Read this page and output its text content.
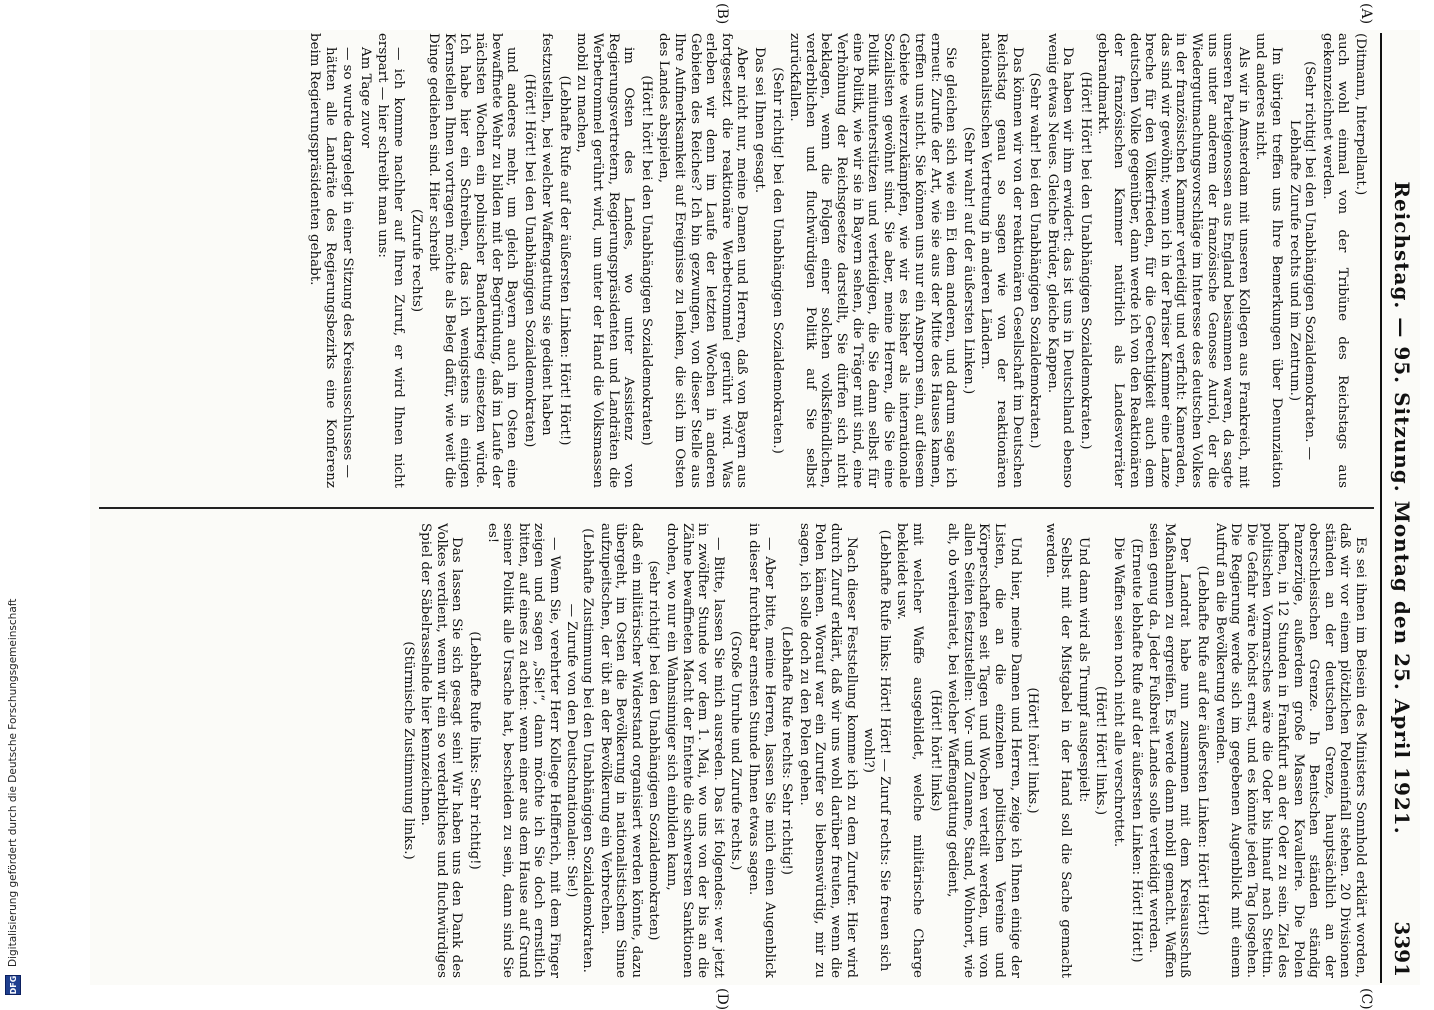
Reichstag. — 95. Sitzung. Montag den 25. April 1921.
3391
(A)
(B)
(C)
(D)

(Ditmann, Interpellant.)

auch wohl einmal von der Tribüne des Reichstags aus gekennzeichnet werden.

(Sehr richtig! bei den Unabhängigen Sozialdemokraten. — Lebhafte Zurufe rechts und im Zentrum.)

Im übrigen treffen uns Ihre Bemerkungen über Denunziation und anderes nicht.

Als wir in Amsterdam mit unseren Kollegen aus Frankreich, mit unseren Parteigenossen aus England beisammen waren, da sagte uns unter anderem der französische Genosse Auriol, der die Wiedergutmachungsvorschläge im Interesse des deutschen Volkes in der französischen Kammer verteidigt und verficht: Kameraden, das sind wir gewöhnt; wenn ich in der Pariser Kammer eine Lanze breche für den Völkerfrieden, für die Gerechtigkeit auch dem deutschen Volke gegenüber, dann werde ich von den Reaktionären der französischen Kammer natürlich als Landesverräter gebrandmarkt.

(Hört! Hört! bei den Unabhängigen Sozialdemokraten.)

Da haben wir ihm erwidert: das ist uns in Deutschland ebenso wenig etwas Neues. Gleiche Brüder, gleiche Kappen.

(Sehr wahr! bei den Unabhängigen Sozialdemokraten.)

Das können wir von der reaktionären Gesellschaft im Deutschen Reichstag genau so sagen wie von der reaktionären nationalistischen Vertretung in anderen Ländern.

(Sehr wahr! auf der äußersten Linken.)

Sie gleichen sich wie ein Ei dem anderen, und darum sage ich erneut: Zurufe der Art, wie sie aus der Mitte des Hauses kamen, treffen uns nicht. Sie können uns nur ein Ansporn sein, auf diesem Gebiete weiterzukämpfen, wie wir es bisher als internationale Sozialisten gewöhnt sind. Sie aber, meine Herren, die Sie eine Politik mitunterstützen und verteidigen, die Sie dann selbst für eine Politik, wie wir sie in Bayern sehen, die Träger mit sind, eine Verhöhnung der Reichsgesetze darstellt, Sie dürfen sich nicht beklagen, wenn die Folgen einer solchen volksfeindlichen, verderblichen und fluchwürdigen Politik auf Sie selbst zurückfallen.

(Sehr richtig! bei den Unabhängigen Sozialdemokraten.)

Das sei Ihnen gesagt.

Aber nicht nur, meine Damen und Herren, daß von Bayern aus fortgesetzt die reaktionäre Werbetrommel gerührt wird. Was erleben wir denn im Laufe der letzten Wochen in anderen Gebieten des Reiches? Ich bin gezwungen, von dieser Stelle aus Ihre Aufmerksamkeit auf Ereignisse zu lenken, die sich im Osten des Landes abspielen,

(Hört! hört! bei den Unabhängigen Sozialdemokraten)

im Osten des Landes, wo unter Assistenz von Regierungsvertretern, Regierungspräsidenten und Landräten die Werbetrommel gerührt wird, um unter der Hand die Volksmassen mobil zu machen,

(Lebhafte Rufe auf der äußersten Linken: Hört! Hört!)

festzustellen, bei welcher Waffengattung sie gedient haben

(Hört! Hört! bei den Unabhängigen Sozialdemokraten)

und anderes mehr, um gleich Bayern auch im Osten eine bewaffnete Wehr zu bilden mit der Begründung, daß im Laufe der nächsten Wochen ein polnischer Bandenkrieg einsetzen würde. Ich habe hier ein Schreiben, das ich wenigstens in einigen Kernstellen Ihnen vortragen möchte als Beleg dafür, wie weit die Dinge gediehen sind. Hier schreibt

(Zurufe rechts)

— ich komme nachher auf Ihren Zuruf, er wird Ihnen nicht erspart — hier schreibt man uns:

Am Tage zuvor

— so wurde dargelegt in einer Sitzung des Kreisausschusses —

hätten alle Landräte des Regierungsbezirks eine Konferenz beim Regierungspräsidenten gehabt.

Es sei ihnen im Beisein des Ministers Sonnhold erklärt worden, daß wir vor einem plötzlichen Poleneinfall stehen. 20 Divisionen ständen an der deutschen Grenze, hauptsächlich an der oberschlesischen Grenze. In Bentschen ständen ständig Panzerzüge, außerdem große Massen Kavallerie. Die Polen hofften, in 12 Stunden in Frankfurt an der Oder zu sein. Ziel des politischen Vormarsches wäre die Oder bis hinauf nach Stettin. Die Gefahr wäre höchst ernst, und es könnte jeden Tag losgehen. Die Regierung werde sich im gegebenen Augenblick mit einem Aufruf an die Bevölkerung wenden.

(Lebhafte Rufe auf der äußersten Linken: Hört! Hört!)

Der Landrat habe nun zusammen mit dem Kreisausschuß Maßnahmen zu ergreifen. Es werde dann mobil gemacht. Waffen seien genug da. Jeder Fußbreit Landes solle verteidigt werden.

(Erneute lebhafte Rufe auf der äußersten Linken: Hört! Hört!)

Die Waffen seien noch nicht alle verschrottet.

(Hört! Hört! links.)

Und dann wird als Trumpf ausgespielt:

Selbst mit der Mistgabel in der Hand soll die Sache gemacht werden.

(Hört! hört! links.)

Und hier, meine Damen und Herren, zeige ich Ihnen einige der Listen, die an die einzelnen politischen Vereine und Körperschaften seit Tagen und Wochen verteilt werden, um von allen Seiten festzustellen: Vor- und Zuname, Stand, Wohnort, wie alt, ob verheiratet, bei welcher Waffengattung gedient,

(Hört! hört! links)

mit welcher Waffe ausgebildet, welche militärische Charge bekleidet usw.

(Lebhafte Rufe links: Hört! Hört! — Zuruf rechts: Sie freuen sich wohl?)

Nach dieser Feststellung komme ich zu dem Zurufer. Hier wird durch Zuruf erklärt, daß wir uns wohl darüber freuten, wenn die Polen kämen. Worauf war ein Zurufer so liebenswürdig, mir zu sagen, ich solle doch zu den Polen gehen.

(Lebhafte Rufe rechts: Sehr richtig!)

— Aber bitte, meine Herren, lassen Sie mich einen Augenblick in dieser furchtbar ernsten Stunde Ihnen etwas sagen.

(Große Unruhe und Zurufe rechts.)

— Bitte, lassen Sie mich ausreden. Das ist folgendes: wer jetzt in zwölfter Stunde vor dem 1. Mai, wo uns von der bis an die Zähne bewaffneten Macht der Entente die schwersten Sanktionen drohen, wo nur ein Wahnsinniger sich einbilden kann,

(sehr richtig! bei den Unabhängigen Sozialdemokraten)

daß ein militärischer Widerstand organisiert werden könnte, dazu übergeht, im Osten die Bevölkerung in nationalistischem Sinne aufzupeitschen, der übt an der Bevölkerung ein Verbrechen.

(Lebhafte Zustimmung bei den Unabhängigen Sozialdemokraten. — Zurufe von den Deutschnationalen: Sie!)

— Wenn Sie, verehrter Herr Kollege Helfferich, mit dem Finger zeigen und sagen „Sie!“, dann möchte ich Sie doch ernstlich bitten, auf eines zu achten: wenn einer aus dem Hause auf Grund seiner Politik alle Ursache hat, bescheiden zu sein, dann sind Sie es!

(Lebhafte Rufe links: Sehr richtig!)

Das lassen Sie sich gesagt sein! Wir haben uns den Dank des Volkes verdient, wenn wir ein so verderbliches und fluchwürdiges Spiel der Säbelrasselnde hier kennzeichnen.

(Stürmische Zustimmung links.)

DFG
Digitalisierung gefördert durch die Deutsche Forschungsgemeinschaft
